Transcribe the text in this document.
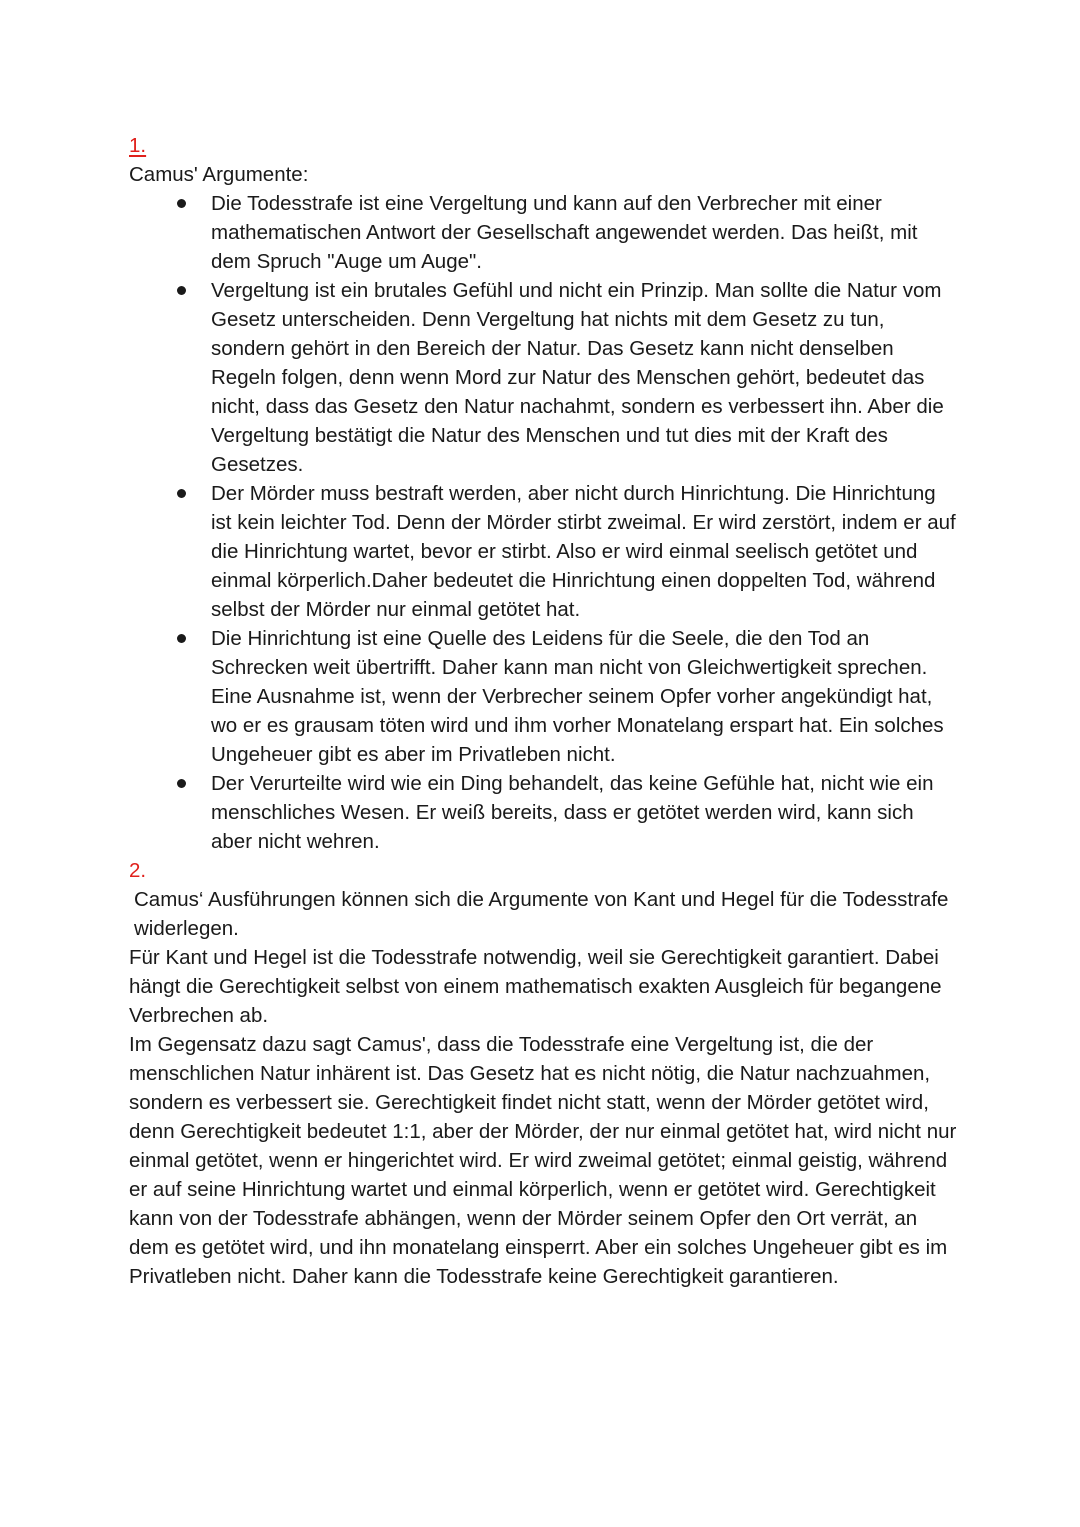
1.

Camus' Argumente:

Die Todesstrafe ist eine Vergeltung und kann auf den Verbrecher mit einer mathematischen Antwort der Gesellschaft angewendet werden. Das heißt, mit dem Spruch "Auge um Auge".
Vergeltung ist ein brutales Gefühl und nicht ein Prinzip. Man sollte die Natur vom Gesetz unterscheiden. Denn Vergeltung hat nichts mit dem Gesetz zu tun, sondern gehört in den Bereich der Natur. Das Gesetz kann nicht denselben Regeln folgen, denn wenn Mord zur Natur des Menschen gehört, bedeutet das nicht, dass das Gesetz den Natur nachahmt, sondern es verbessert ihn. Aber die Vergeltung bestätigt die Natur des Menschen und tut dies mit der Kraft des Gesetzes.
Der Mörder muss bestraft werden, aber nicht durch Hinrichtung. Die Hinrichtung ist kein leichter Tod. Denn der Mörder stirbt zweimal. Er wird zerstört, indem er auf die Hinrichtung wartet, bevor er stirbt. Also er wird einmal seelisch getötet und einmal körperlich.Daher bedeutet die Hinrichtung einen doppelten Tod, während selbst der Mörder nur einmal getötet hat.
Die Hinrichtung ist eine Quelle des Leidens für die Seele, die den Tod an Schrecken weit übertrifft. Daher kann man nicht von Gleichwertigkeit sprechen. Eine Ausnahme ist, wenn der Verbrecher seinem Opfer vorher angekündigt hat, wo er es grausam töten wird und ihm vorher Monatelang erspart hat. Ein solches Ungeheuer gibt es aber im Privatleben nicht.
Der Verurteilte wird wie ein Ding behandelt, das keine Gefühle hat, nicht wie ein menschliches Wesen. Er weiß bereits, dass er getötet werden wird, kann sich aber nicht wehren.

2.

Camus‘ Ausführungen können sich die Argumente von Kant und Hegel für die Todesstrafe widerlegen.

Für Kant und Hegel ist die Todesstrafe notwendig, weil sie Gerechtigkeit garantiert. Dabei hängt die Gerechtigkeit selbst von einem mathematisch exakten Ausgleich für begangene Verbrechen ab.

Im Gegensatz dazu sagt Camus', dass die Todesstrafe eine Vergeltung ist, die der menschlichen Natur inhärent ist. Das Gesetz hat es nicht nötig, die Natur nachzuahmen, sondern es verbessert sie. Gerechtigkeit findet nicht statt, wenn der Mörder getötet wird, denn Gerechtigkeit bedeutet 1:1, aber der Mörder, der nur einmal getötet hat, wird nicht nur einmal getötet, wenn er hingerichtet wird. Er wird zweimal getötet; einmal geistig, während er auf seine Hinrichtung wartet und einmal körperlich, wenn er getötet wird. Gerechtigkeit kann von der Todesstrafe abhängen, wenn der Mörder seinem Opfer den Ort verrät, an dem es getötet wird, und ihn monatelang einsperrt. Aber ein solches Ungeheuer gibt es im Privatleben nicht. Daher kann die Todesstrafe keine Gerechtigkeit garantieren.
